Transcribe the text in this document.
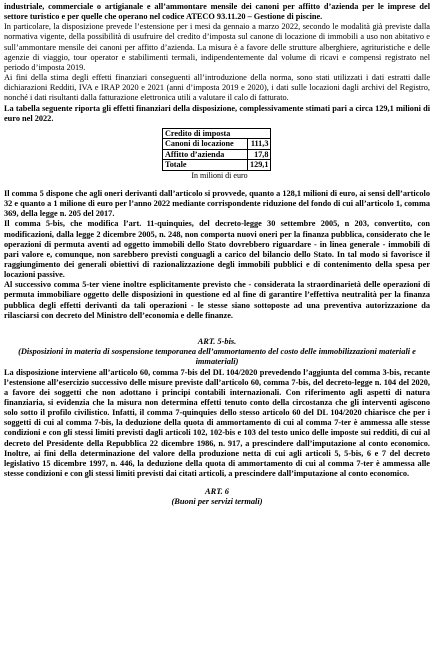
industriale, commerciale o artigianale e all’ammontare mensile dei canoni per affitto d’azienda per le imprese del settore turistico e per quelle che operano nel codice ATECO 93.11.20 – Gestione di piscine.

In particolare, la disposizione prevede l’estensione per i mesi da gennaio a marzo 2022, secondo le modalità già previste dalla normativa vigente, della possibilità di usufruire del credito d’imposta sul canone di locazione di immobili a uso non abitativo e sull’ammontare mensile dei canoni per affitto d’azienda. La misura è a favore delle strutture alberghiere, agrituristiche e delle agenzie di viaggio, tour operator e stabilimenti termali, indipendentemente dal volume di ricavi e compensi registrato nel periodo d’imposta 2019.

Ai fini della stima degli effetti finanziari conseguenti all’introduzione della norma, sono stati utilizzati i dati estratti dalle dichiarazioni Redditi, IVA e IRAP 2020 e 2021 (anni d’imposta 2019 e 2020), i dati sulle locazioni dagli archivi del Registro, nonché i dati risultanti dalla fatturazione elettronica utili a valutare il calo di fatturato.

La tabella seguente riporta gli effetti finanziari della disposizione, complessivamente stimati pari a circa 129,1 milioni di euro nel 2022.

Credito di imposta	
Canoni di locazione	111,3
Affitto d’azienda	17,8
Totale	129,1
In milioni di euro

Il comma 5 dispone che agli oneri derivanti dall’articolo si provvede, quanto a 128,1 milioni di euro, ai sensi dell’articolo 32 e quanto a 1 milione di euro per l’anno 2022 mediante corrispondente riduzione del fondo di cui all’articolo 1, comma 369, della legge n. 205 del 2017.

Il comma 5-bis, che modifica l’art. 11-quinquies, del decreto-legge 30 settembre 2005, n 203, convertito, con modificazioni, dalla legge 2 dicembre 2005, n. 248, non comporta nuovi oneri per la finanza pubblica, considerato che le operazioni di permuta aventi ad oggetto immobili dello Stato dovrebbero riguardare - in linea generale - immobili di pari valore e, comunque, non sarebbero previsti conguagli a carico del bilancio dello Stato. In tal modo si favorisce il raggiungimento dei generali obiettivi di razionalizzazione degli immobili pubblici e di contenimento della spesa per locazioni passive.

Al successivo comma 5-ter viene inoltre esplicitamente previsto che - considerata la straordinarietà delle operazioni di permuta immobiliare oggetto delle disposizioni in questione ed al fine di garantire l’effettiva neutralità per la finanza pubblica degli effetti derivanti da tali operazioni - le stesse siano sottoposte ad una preventiva autorizzazione da rilasciarsi con decreto del Ministro dell’economia e delle finanze.

ART. 5-bis.
(Disposizioni in materia di sospensione temporanea dell’ammortamento del costo delle immobilizzazioni materiali e immateriali)

La disposizione interviene all’articolo 60, comma 7-bis del DL 104/2020 prevedendo l’aggiunta del comma 3-bis, recante l’estensione all’esercizio successivo delle misure previste dall’articolo 60, comma 7-bis, del decreto-legge n. 104 del 2020, a favore dei soggetti che non adottano i principi contabili internazionali. Con riferimento agli aspetti di natura finanziaria, si evidenzia che la misura non determina effetti tenuto conto della circostanza che gli interventi agiscono solo sotto il profilo civilistico. Infatti, il comma 7-quinquies dello stesso articolo 60 del DL 104/2020 chiarisce che per i soggetti di cui al comma 7-bis, la deduzione della quota di ammortamento di cui al comma 7-ter è ammessa alle stesse condizioni e con gli stessi limiti previsti dagli articoli 102, 102-bis e 103 del testo unico delle imposte sui redditi, di cui al decreto del Presidente della Repubblica 22 dicembre 1986, n. 917, a prescindere dall’imputazione al conto economico. Inoltre, ai fini della determinazione del valore della produzione netta di cui agli articoli 5, 5-bis, 6 e 7 del decreto legislativo 15 dicembre 1997, n. 446, la deduzione della quota di ammortamento di cui al comma 7-ter è ammessa alle stesse condizioni e con gli stessi limiti previsti dai citati articoli, a prescindere dall’imputazione al conto economico.

ART. 6
(Buoni per servizi termali)
